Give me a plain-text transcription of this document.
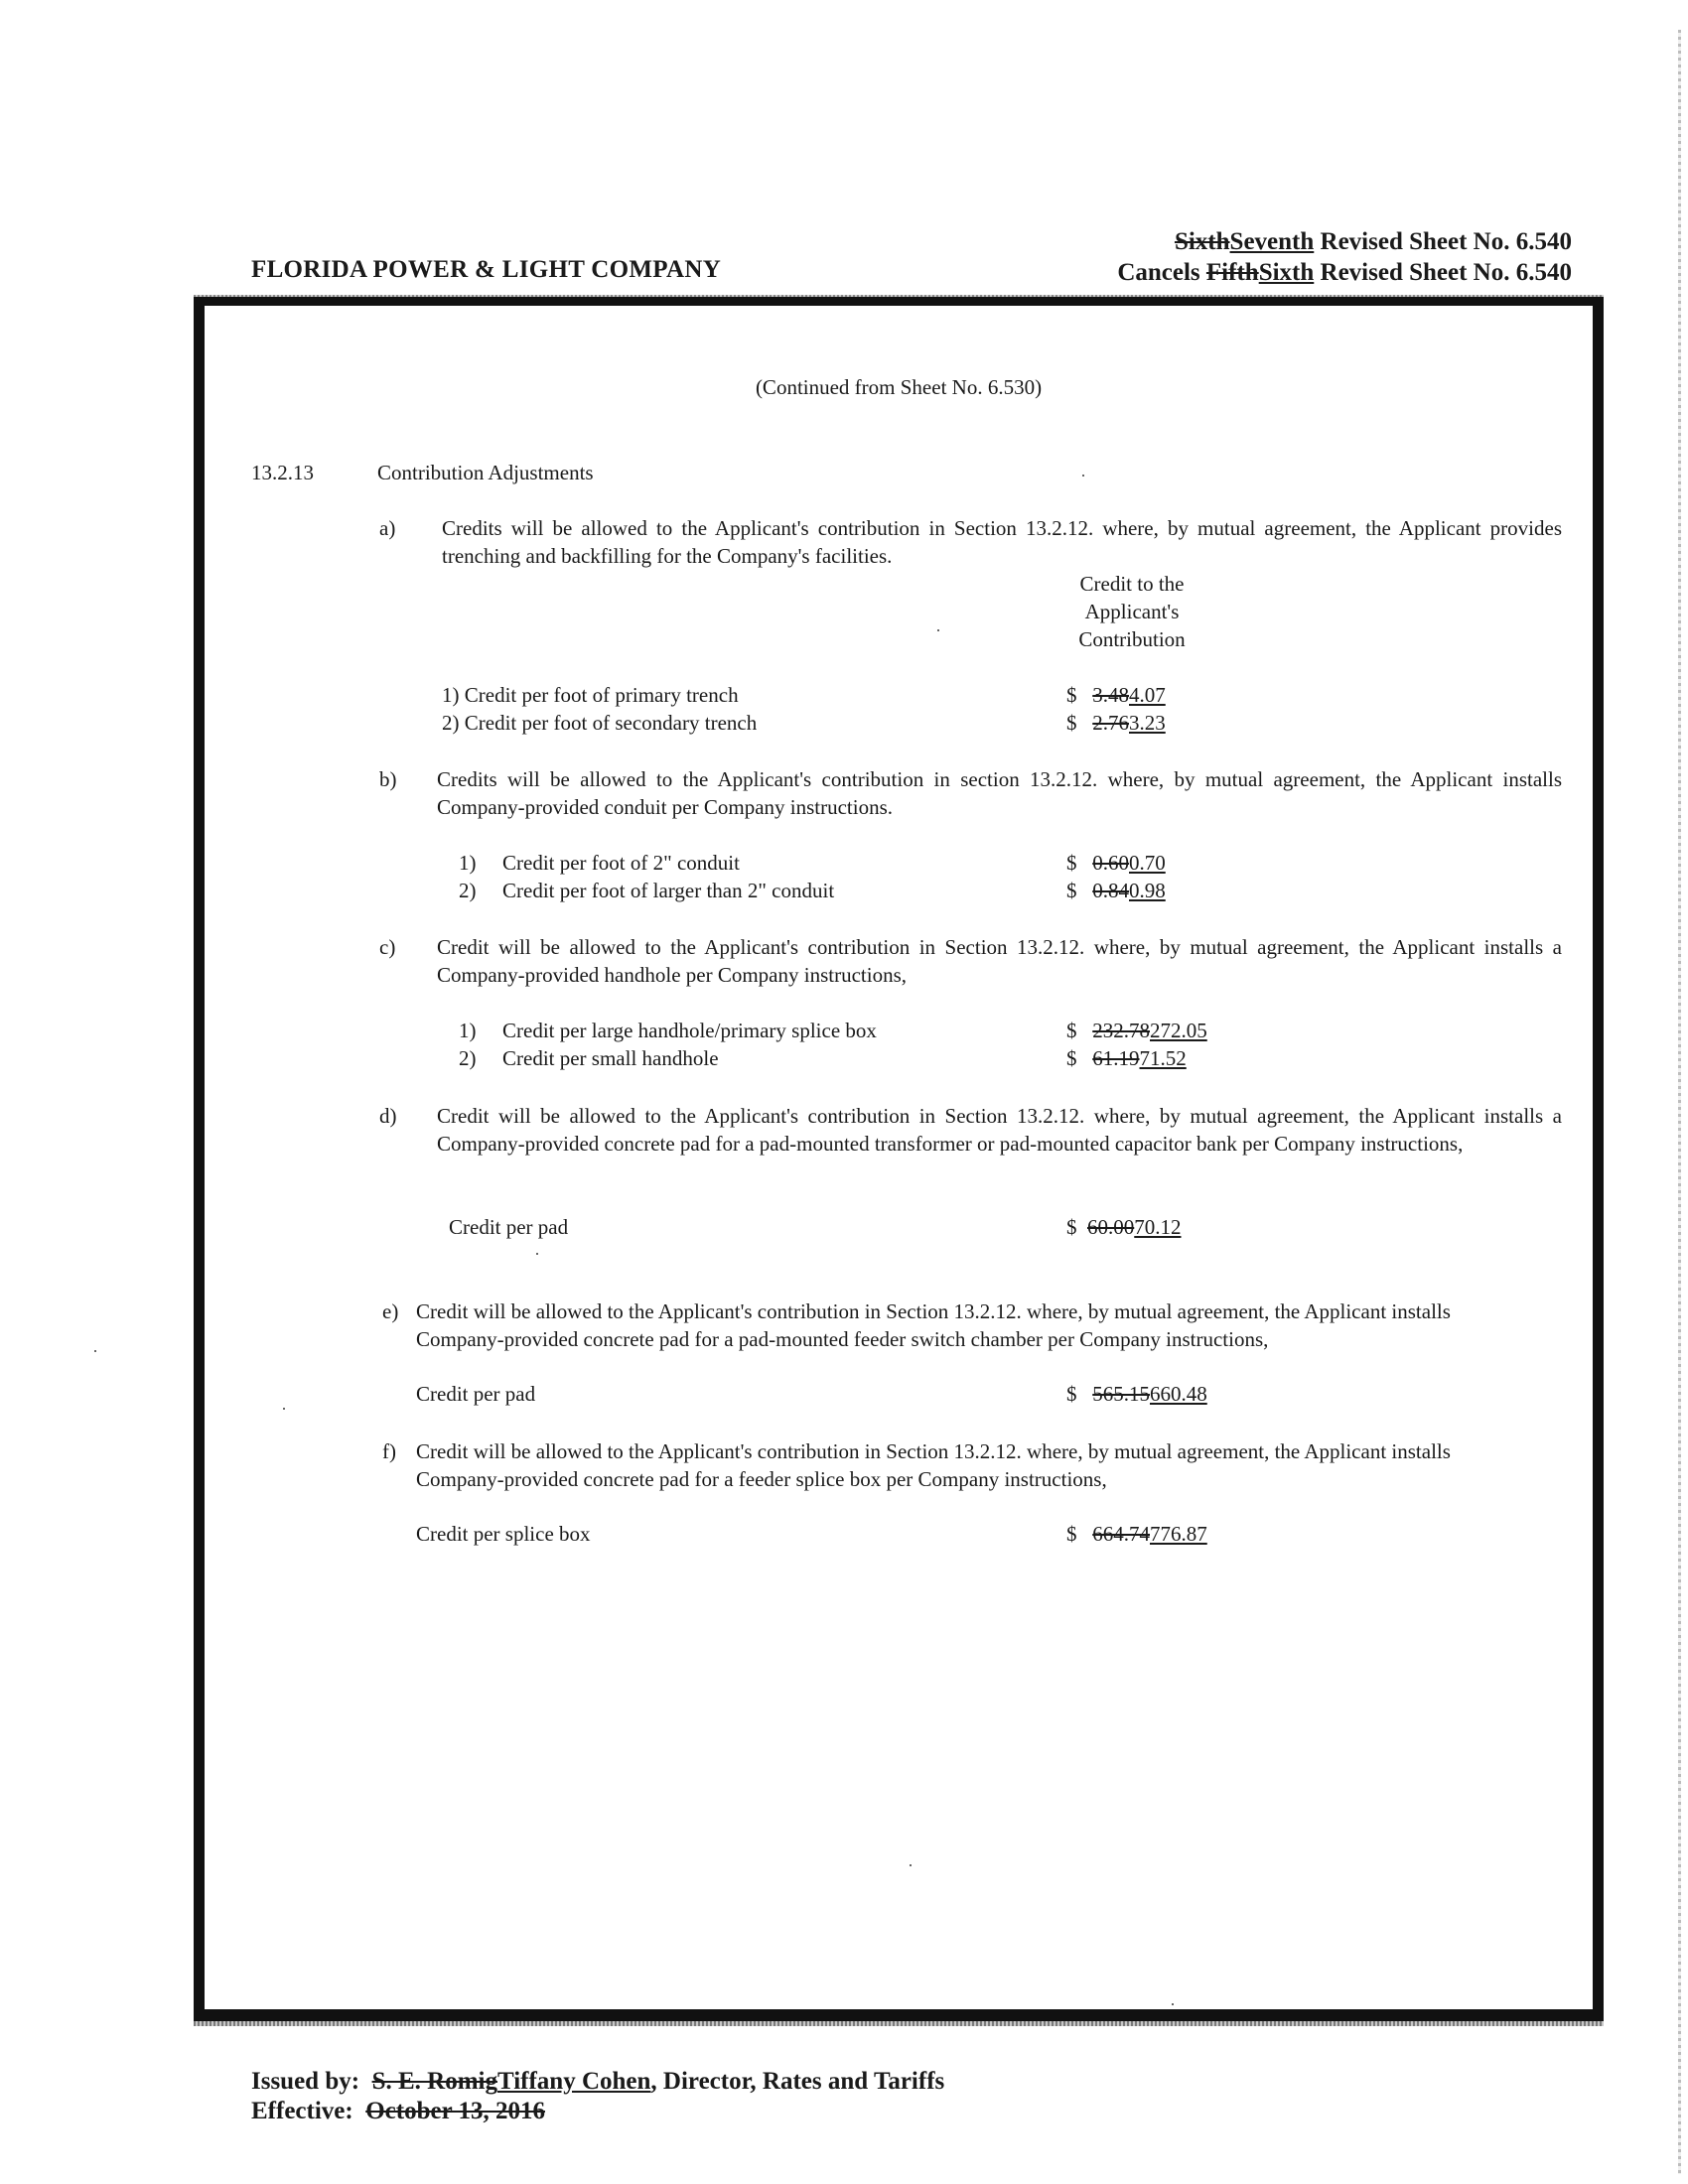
FLORIDA POWER & LIGHT COMPANY
SixthSeventh Revised Sheet No. 6.540
Cancels FifthSixth Revised Sheet No. 6.540
(Continued from Sheet No. 6.530)
13.2.13	Contribution Adjustments
a) Credits will be allowed to the Applicant's contribution in Section 13.2.12. where, by mutual agreement, the Applicant provides trenching and backfilling for the Company's facilities.
Credit to the
Applicant's
Contribution
1) Credit per foot of primary trench	$ 3.484.07
2) Credit per foot of secondary trench	$ 2.763.23
b) Credits will be allowed to the Applicant's contribution in section 13.2.12. where, by mutual agreement, the Applicant installs Company-provided conduit per Company instructions.
1) Credit per foot of 2" conduit	$ 0.600.70
2) Credit per foot of larger than 2" conduit	$ 0.840.98
c) Credit will be allowed to the Applicant's contribution in Section 13.2.12. where, by mutual agreement, the Applicant installs a Company-provided handhole per Company instructions,
1) Credit per large handhole/primary splice box	$ 232.78272.05
2) Credit per small handhole	$ 61.1971.52
d) Credit will be allowed to the Applicant's contribution in Section 13.2.12. where, by mutual agreement, the Applicant installs a Company-provided concrete pad for a pad-mounted transformer or pad-mounted capacitor bank per Company instructions,
Credit per pad	$ 60.0070.12
e) Credit will be allowed to the Applicant's contribution in Section 13.2.12. where, by mutual agreement, the Applicant installs Company-provided concrete pad for a pad-mounted feeder switch chamber per Company instructions,
Credit per pad	$ 565.15660.48
f) Credit will be allowed to the Applicant's contribution in Section 13.2.12. where, by mutual agreement, the Applicant installs Company-provided concrete pad for a feeder splice box per Company instructions,
Credit per splice box	$ 664.74776.87
Issued by: S. E. RomigTiffany Cohen, Director, Rates and Tariffs
Effective: October 13, 2016
